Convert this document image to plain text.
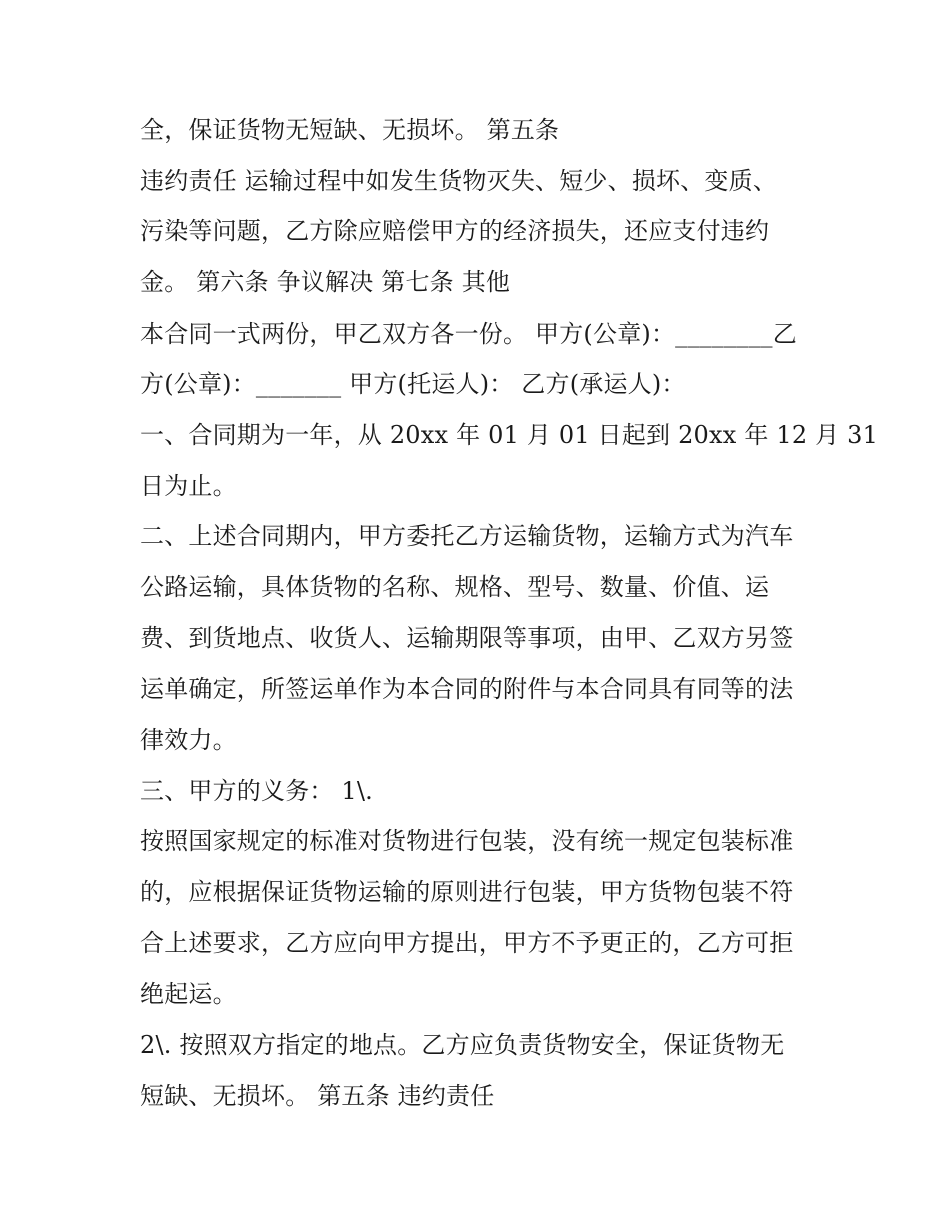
全，保证货物无短缺、无损坏。 第五条
违约责任 运输过程中如发生货物灭失、短少、损坏、变质、
污染等问题，乙方除应赔偿甲方的经济损失，还应支付违约
金。 第六条 争议解决 第七条 其他
本合同一式两份，甲乙双方各一份。 甲方(公章)：________乙
方(公章)：_______ 甲方(托运人)： 乙方(承运人)：
一、合同期为一年，从 20xx 年 01 月 01 日起到 20xx 年 12 月 31
日为止。
二、上述合同期内，甲方委托乙方运输货物，运输方式为汽车
公路运输，具体货物的名称、规格、型号、数量、价值、运
费、到货地点、收货人、运输期限等事项，由甲、乙双方另签
运单确定，所签运单作为本合同的附件与本合同具有同等的法
律效力。
三、甲方的义务： 1\.
按照国家规定的标准对货物进行包装，没有统一规定包装标准
的，应根据保证货物运输的原则进行包装，甲方货物包装不符
合上述要求，乙方应向甲方提出，甲方不予更正的，乙方可拒
绝起运。
2\. 按照双方指定的地点。乙方应负责货物安全，保证货物无
短缺、无损坏。 第五条 违约责任
